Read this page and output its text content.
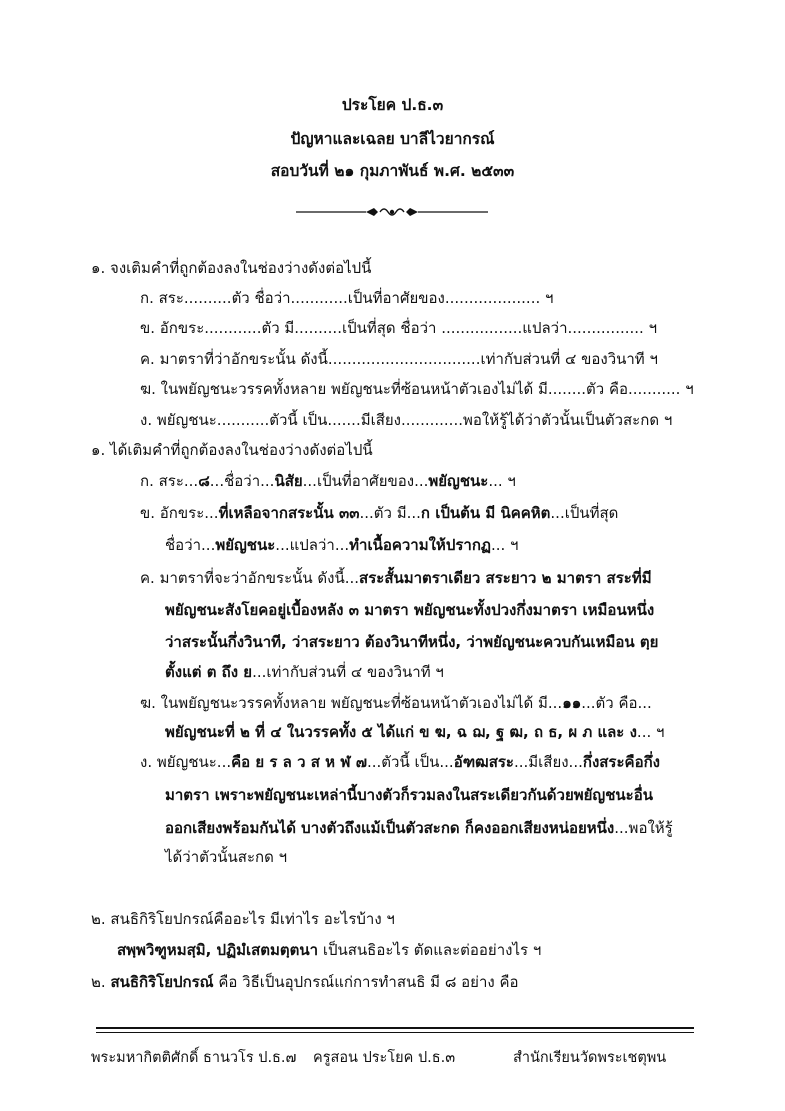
ประโยค ป.ธ.๓
ปัญหาและเฉลย บาลีไวยากรณ์
สอบวันที่ ๒๑ กุมภาพันธ์ พ.ศ. ๒๕๓๓
๑. จงเติมคำที่ถูกต้องลงในช่องว่างดังต่อไปนี้
ก. สระ..........ตัว ชื่อว่า............เป็นที่อาศัยของ.................... ฯ
ข. อักขระ............ตัว มี..........เป็นที่สุด ชื่อว่า .................แปลว่า................ ฯ
ค. มาตราที่ว่าอักขระนั้น ดังนี้................................เท่ากับส่วนที่ ๔ ของวินาที ฯ
ฆ. ในพยัญชนะวรรคทั้งหลาย พยัญชนะที่ซ้อนหน้าตัวเองไม่ได้ มี........ตัว คือ........... ฯ
ง. พยัญชนะ...........ตัวนี้ เป็น.......มีเสียง.............พอให้รู้ได้ว่าตัวนั้นเป็นตัวสะกด ฯ
๑. ได้เติมคำที่ถูกต้องลงในช่องว่างดังต่อไปนี้
ก. สระ...๘...ชื่อว่า...นิสัย...เป็นที่อาศัยของ...พยัญชนะ... ฯ
ข. อักขระ...ที่เหลือจากสระนั้น ๓๓...ตัว มี...ก เป็นต้น มี นิคคหิต...เป็นที่สุด
ชื่อว่า...พยัญชนะ...แปลว่า...ทำเนื้อความให้ปรากฏ... ฯ
ค. มาตราที่จะว่าอักขระนั้น ดังนี้...สระสั้นมาตราเดียว สระยาว ๒ มาตรา สระที่มี
พยัญชนะสังโยคอยู่เบื้องหลัง ๓ มาตรา พยัญชนะทั้งปวงกึ่งมาตรา เหมือนหนึ่ง
ว่าสระนั้นกึ่งวินาที, ว่าสระยาว ต้องวินาทีหนึ่ง, ว่าพยัญชนะควบกันเหมือน ตฺย
ตั้งแต่ ต ถึง ย...เท่ากับส่วนที่ ๔ ของวินาที ฯ
ฆ. ในพยัญชนะวรรคทั้งหลาย พยัญชนะที่ซ้อนหน้าตัวเองไม่ได้ มี...๑๑...ตัว คือ...
พยัญชนะที่ ๒ ที่ ๔ ในวรรคทั้ง ๕ ได้แก่ ข ฆ, ฉ ฌ, ฐ ฒ, ถ ธ, ผ ภ และ ง... ฯ
ง. พยัญชนะ...คือ ย ร ล ว ส ห ฬ ๗...ตัวนี้ เป็น...อัฑฒสระ...มีเสียง...กึ่งสระคือกึ่ง
มาตรา เพราะพยัญชนะเหล่านี้บางตัวก็รวมลงในสระเดียวกันด้วยพยัญชนะอื่น
ออกเสียงพร้อมกันได้ บางตัวถึงแม้เป็นตัวสะกด ก็คงออกเสียงหน่อยหนึ่ง...พอให้รู้
ได้ว่าตัวนั้นสะกด ฯ
๒. สนธิกิริโยปกรณ์คืออะไร มีเท่าไร อะไรบ้าง ฯ
สพฺพวิฑูหมสฺมิ, ปฏิมํเสตมตฺตนา เป็นสนธิอะไร ตัดและต่ออย่างไร ฯ
๒. สนธิกิริโยปกรณ์ คือ วิธีเป็นอุปกรณ์แก่การทำสนธิ มี ๘ อย่าง คือ
พระมหากิตติศักดิ์ ธานวโร ป.ธ.๗ ครูสอน ประโยค ป.ธ.๓	สำนักเรียนวัดพระเชตุพน
